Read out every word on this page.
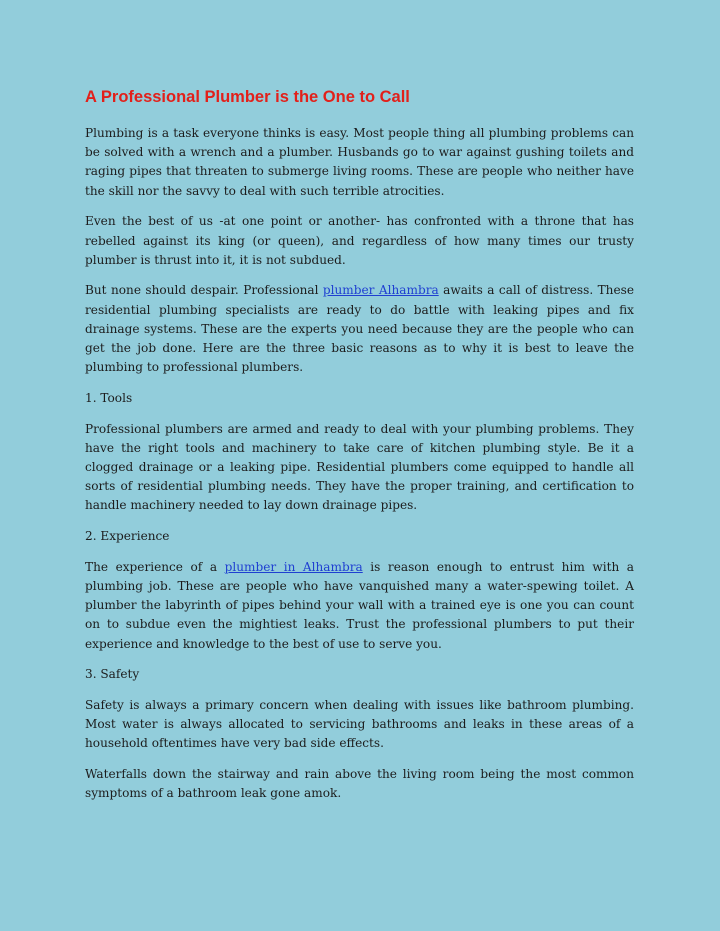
A Professional Plumber is the One to Call

Plumbing is a task everyone thinks is easy. Most people thing all plumbing problems can be solved with a wrench and a plumber. Husbands go to war against gushing toilets and raging pipes that threaten to submerge living rooms. These are people who neither have the skill nor the savvy to deal with such terrible atrocities.

Even the best of us -at one point or another- has confronted with a throne that has rebelled against its king (or queen), and regardless of how many times our trusty plumber is thrust into it, it is not subdued.

But none should despair. Professional plumber Alhambra awaits a call of distress. These residential plumbing specialists are ready to do battle with leaking pipes and fix drainage systems. These are the experts you need because they are the people who can get the job done. Here are the three basic reasons as to why it is best to leave the plumbing to professional plumbers.

1. Tools

Professional plumbers are armed and ready to deal with your plumbing problems. They have the right tools and machinery to take care of kitchen plumbing style. Be it a clogged drainage or a leaking pipe. Residential plumbers come equipped to handle all sorts of residential plumbing needs. They have the proper training, and certification to handle machinery needed to lay down drainage pipes.

2. Experience

The experience of a plumber in Alhambra is reason enough to entrust him with a plumbing job. These are people who have vanquished many a water-spewing toilet. A plumber the labyrinth of pipes behind your wall with a trained eye is one you can count on to subdue even the mightiest leaks. Trust the professional plumbers to put their experience and knowledge to the best of use to serve you.

3. Safety

Safety is always a primary concern when dealing with issues like bathroom plumbing. Most water is always allocated to servicing bathrooms and leaks in these areas of a household oftentimes have very bad side effects.

Waterfalls down the stairway and rain above the living room being the most common symptoms of a bathroom leak gone amok.
